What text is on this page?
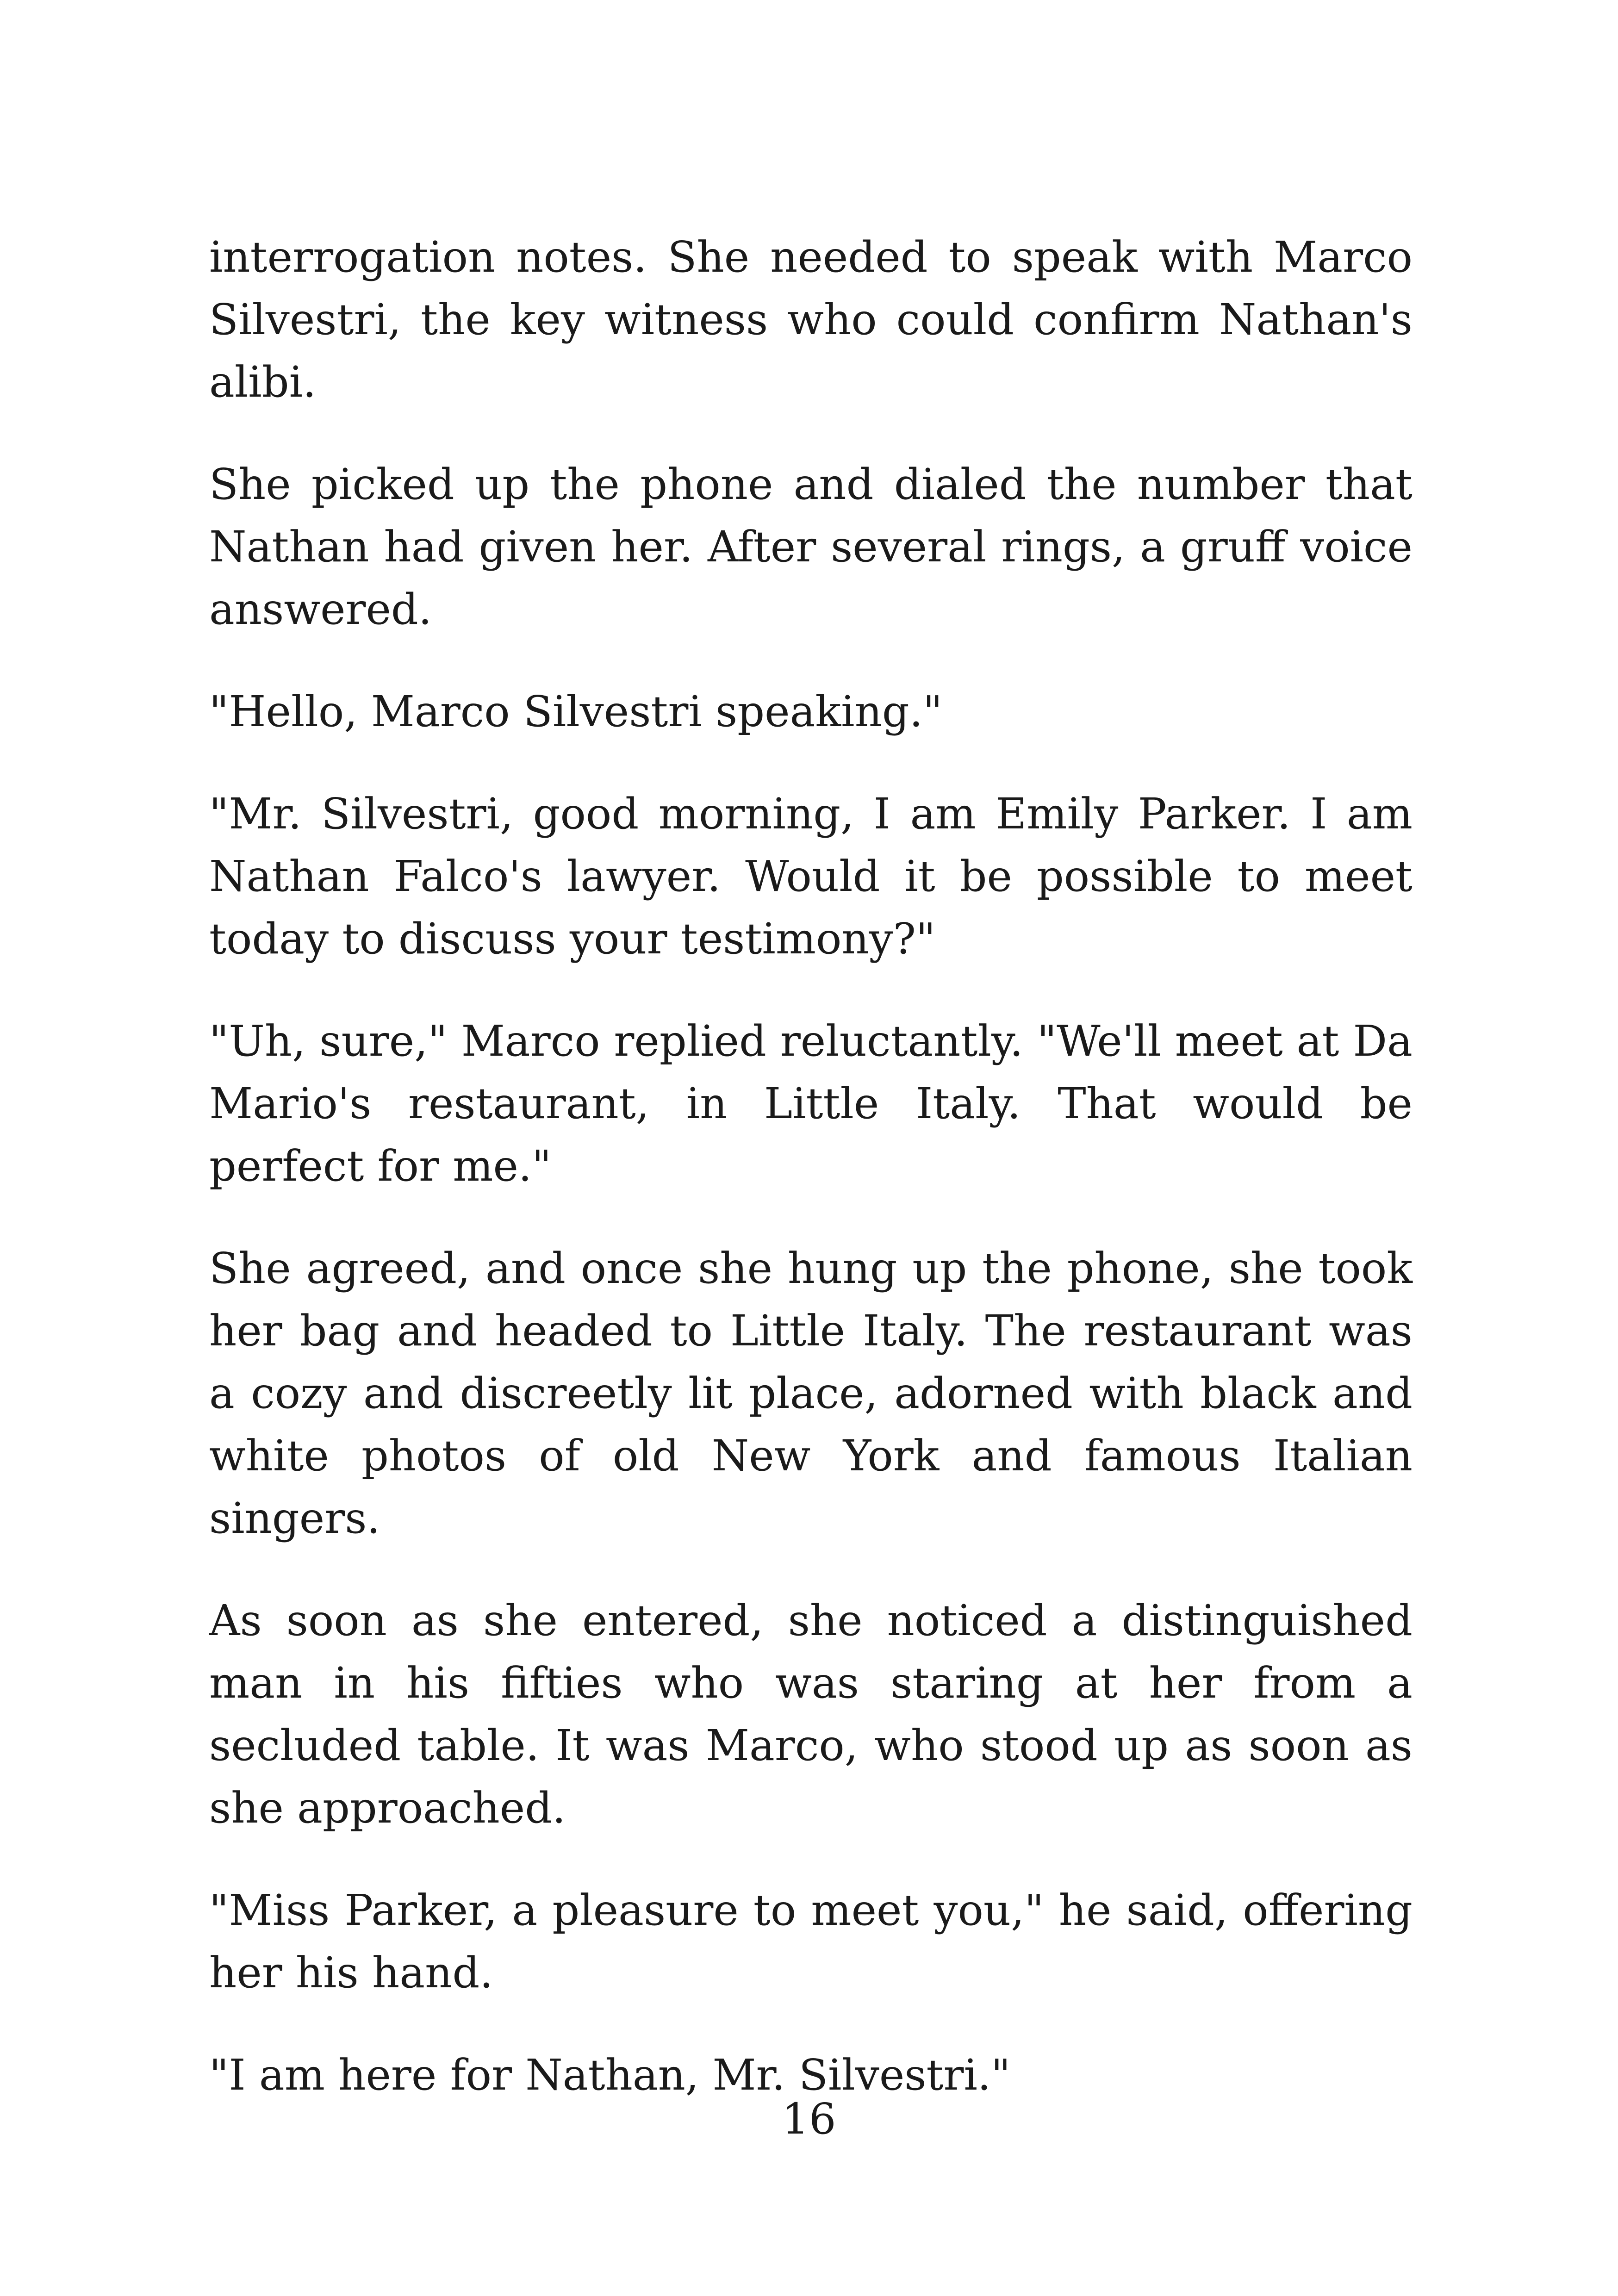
interrogation notes. She needed to speak with Marco Silvestri, the key witness who could confirm Nathan's alibi.

She picked up the phone and dialed the number that Nathan had given her. After several rings, a gruff voice answered.

"Hello, Marco Silvestri speaking."

"Mr. Silvestri, good morning, I am Emily Parker. I am Nathan Falco's lawyer. Would it be possible to meet today to discuss your testimony?"

"Uh, sure," Marco replied reluctantly. "We'll meet at Da Mario's restaurant, in Little Italy. That would be perfect for me."

She agreed, and once she hung up the phone, she took her bag and headed to Little Italy. The restaurant was a cozy and discreetly lit place, adorned with black and white photos of old New York and famous Italian singers.

As soon as she entered, she noticed a distinguished man in his fifties who was staring at her from a secluded table. It was Marco, who stood up as soon as she approached.

"Miss Parker, a pleasure to meet you," he said, offering her his hand.

"I am here for Nathan, Mr. Silvestri."

16
